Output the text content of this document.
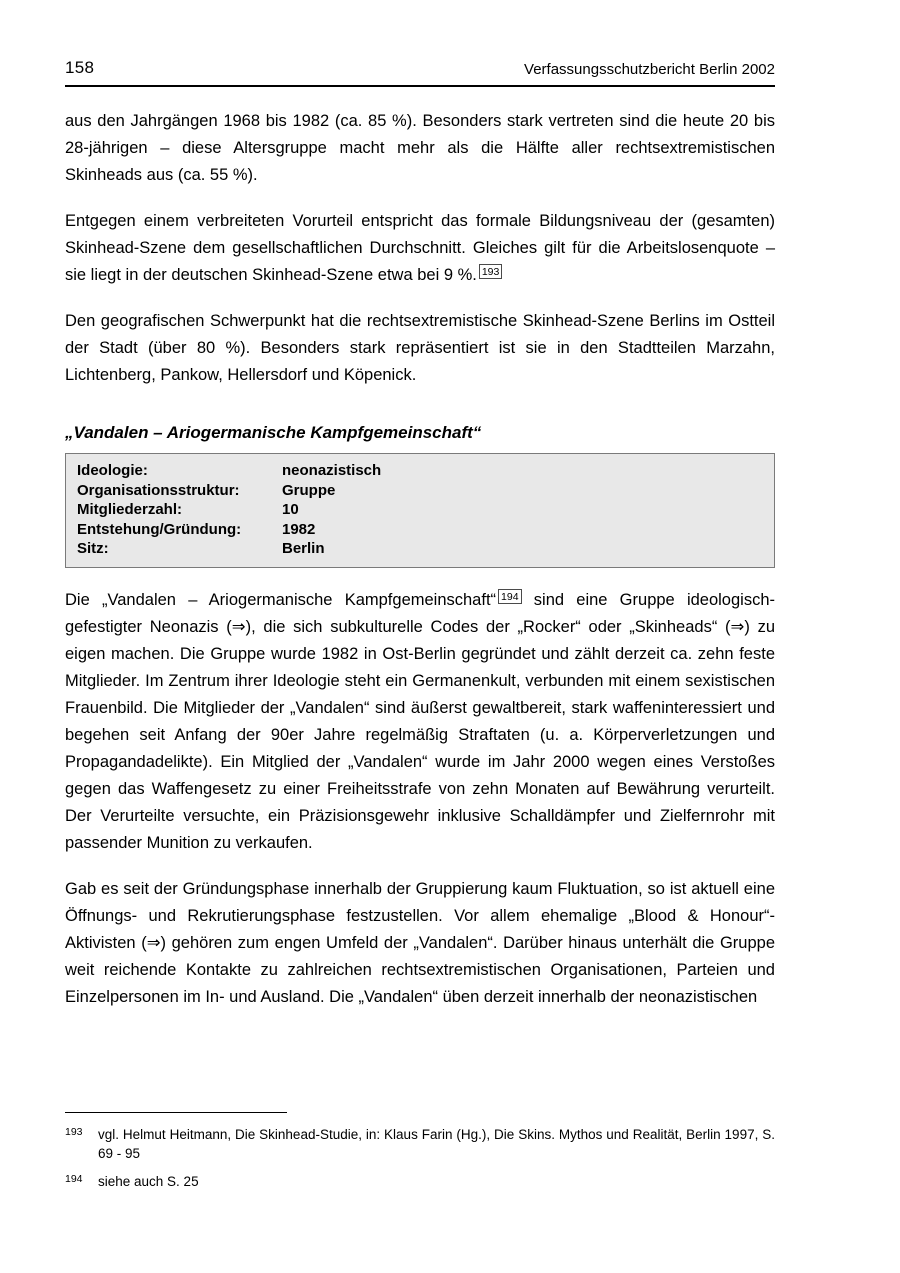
158	Verfassungsschutzbericht Berlin 2002

aus den Jahrgängen 1968 bis 1982 (ca. 85 %). Besonders stark vertreten sind die heute 20 bis 28-jährigen – diese Altersgruppe macht mehr als die Hälfte aller rechtsextremistischen Skinheads aus (ca. 55 %).

Entgegen einem verbreiteten Vorurteil entspricht das formale Bildungsniveau der (gesamten) Skinhead-Szene dem gesellschaftlichen Durchschnitt. Gleiches gilt für die Arbeitslosenquote – sie liegt in der deutschen Skinhead-Szene etwa bei 9 %. $^{193}$

Den geografischen Schwerpunkt hat die rechtsextremistische Skinhead-Szene Berlins im Ostteil der Stadt (über 80 %). Besonders stark repräsentiert ist sie in den Stadtteilen Marzahn, Lichtenberg, Pankow, Hellersdorf und Köpenick.

„Vandalen – Ariogermanische Kampfgemeinschaft“
Ideologie:	neonazistisch
Organisationsstruktur:	Gruppe
Mitgliederzahl:	10
Entstehung/Gründung:	1982
Sitz:	Berlin

Die „Vandalen – Ariogermanische Kampfgemeinschaft“ $^{194}$ sind eine Gruppe ideologisch-gefestigter Neonazis (⇒), die sich subkulturelle Codes der „Rocker“ oder „Skinheads“ (⇒) zu eigen machen. Die Gruppe wurde 1982 in Ost-Berlin gegründet und zählt derzeit ca. zehn feste Mitglieder. Im Zentrum ihrer Ideologie steht ein Germanenkult, verbunden mit einem sexistischen Frauenbild. Die Mitglieder der „Vandalen“ sind äußerst gewaltbereit, stark waffeninteressiert und begehen seit Anfang der 90er Jahre regelmäßig Straftaten (u. a. Körperverletzungen und Propagandadelikte). Ein Mitglied der „Vandalen“ wurde im Jahr 2000 wegen eines Verstoßes gegen das Waffengesetz zu einer Freiheitsstrafe von zehn Monaten auf Bewährung verurteilt. Der Verurteilte versuchte, ein Präzisionsgewehr inklusive Schalldämpfer und Zielfernrohr mit passender Munition zu verkaufen.

Gab es seit der Gründungsphase innerhalb der Gruppierung kaum Fluktuation, so ist aktuell eine Öffnungs- und Rekrutierungsphase festzustellen. Vor allem ehemalige „Blood & Honour“-Aktivisten (⇒) gehören zum engen Umfeld der „Vandalen“. Darüber hinaus unterhält die Gruppe weit reichende Kontakte zu zahlreichen rechtsextremistischen Organisationen, Parteien und Einzelpersonen im In- und Ausland. Die „Vandalen“ üben derzeit innerhalb der neonazistischen

193	vgl. Helmut Heitmann, Die Skinhead-Studie, in: Klaus Farin (Hg.), Die Skins. Mythos und Realität, Berlin 1997, S. 69 - 95
194	siehe auch S. 25
